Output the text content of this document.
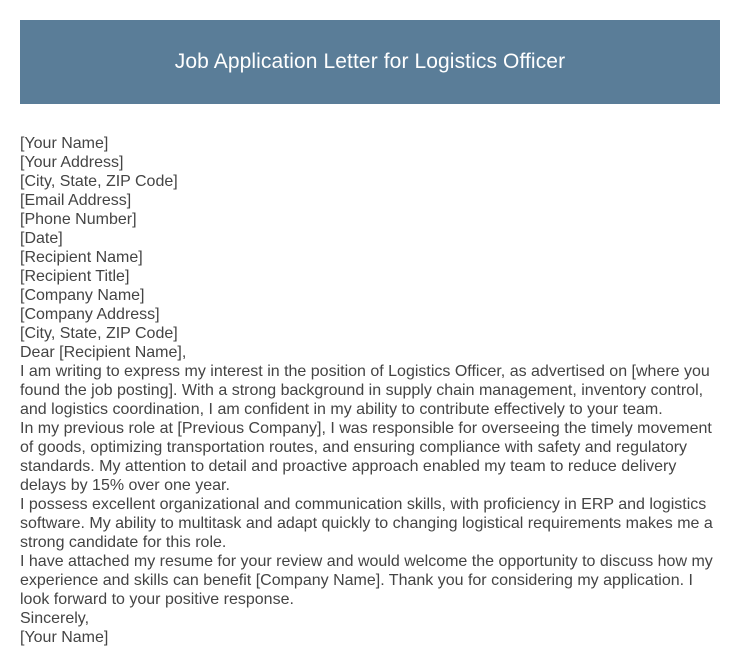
Job Application Letter for Logistics Officer
[Your Name]
[Your Address]
[City, State, ZIP Code]
[Email Address]
[Phone Number]
[Date]
[Recipient Name]
[Recipient Title]
[Company Name]
[Company Address]
[City, State, ZIP Code]
Dear [Recipient Name],
I am writing to express my interest in the position of Logistics Officer, as advertised on [where you found the job posting]. With a strong background in supply chain management, inventory control, and logistics coordination, I am confident in my ability to contribute effectively to your team.
In my previous role at [Previous Company], I was responsible for overseeing the timely movement of goods, optimizing transportation routes, and ensuring compliance with safety and regulatory standards. My attention to detail and proactive approach enabled my team to reduce delivery delays by 15% over one year.
I possess excellent organizational and communication skills, with proficiency in ERP and logistics software. My ability to multitask and adapt quickly to changing logistical requirements makes me a strong candidate for this role.
I have attached my resume for your review and would welcome the opportunity to discuss how my experience and skills can benefit [Company Name]. Thank you for considering my application. I look forward to your positive response.
Sincerely,
[Your Name]
